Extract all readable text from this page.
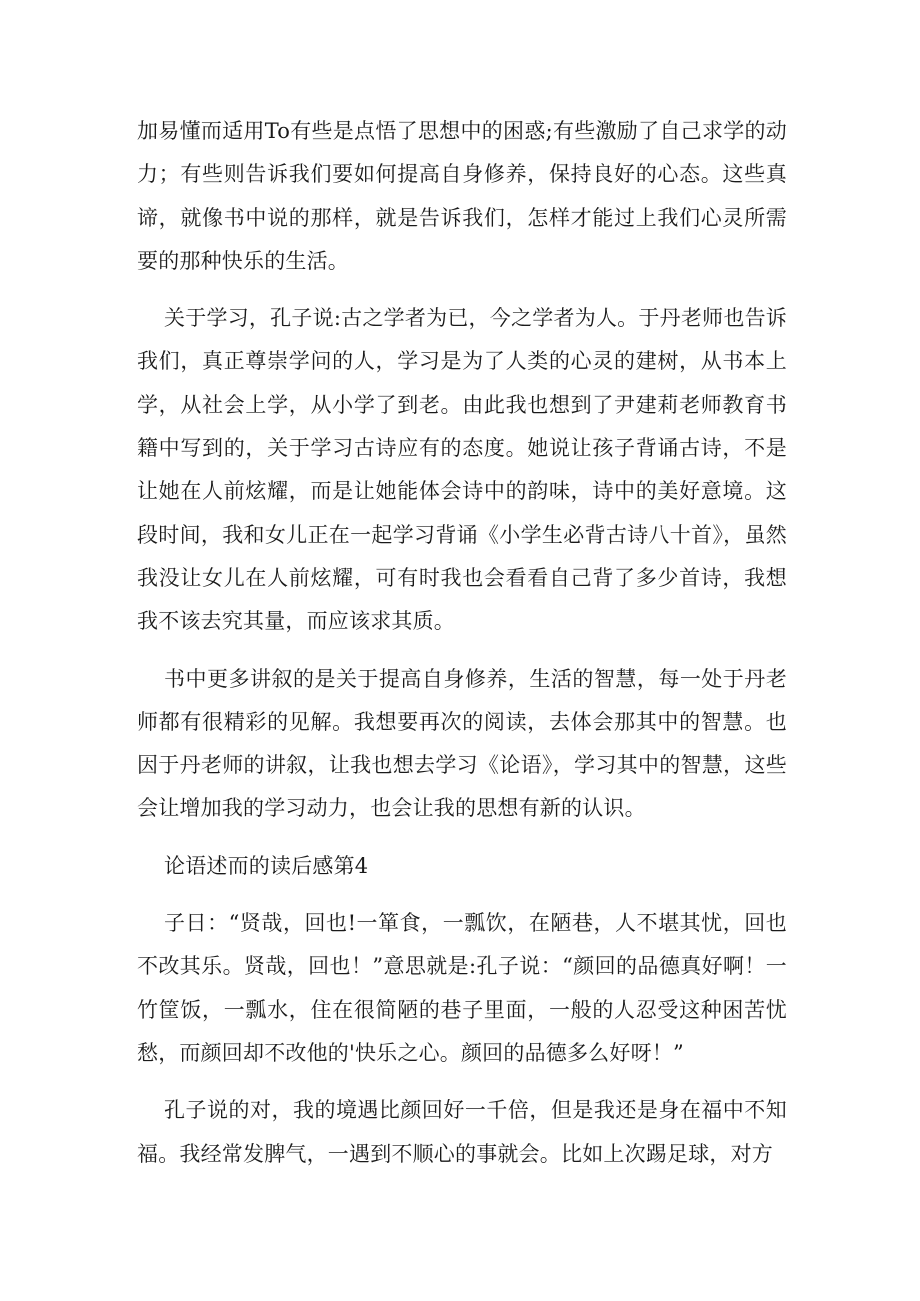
加易懂而适用To有些是点悟了思想中的困惑;有些激励了自己求学的动力；有些则告诉我们要如何提高自身修养，保持良好的心态。这些真谛，就像书中说的那样，就是告诉我们，怎样才能过上我们心灵所需要的那种快乐的生活。

关于学习，孔子说:古之学者为已，今之学者为人。于丹老师也告诉我们，真正尊崇学问的人，学习是为了人类的心灵的建树，从书本上学，从社会上学，从小学了到老。由此我也想到了尹建莉老师教育书籍中写到的，关于学习古诗应有的态度。她说让孩子背诵古诗，不是让她在人前炫耀，而是让她能体会诗中的韵味，诗中的美好意境。这段时间，我和女儿正在一起学习背诵《小学生必背古诗八十首》，虽然我没让女儿在人前炫耀，可有时我也会看看自己背了多少首诗，我想我不该去究其量，而应该求其质。

书中更多讲叙的是关于提高自身修养，生活的智慧，每一处于丹老师都有很精彩的见解。我想要再次的阅读，去体会那其中的智慧。也因于丹老师的讲叙，让我也想去学习《论语》，学习其中的智慧，这些会让增加我的学习动力，也会让我的思想有新的认识。

论语述而的读后感第4

子日：“贤哉，回也!一箪食，一瓢饮，在陋巷，人不堪其忧，回也不改其乐。贤哉，回也！”意思就是:孔子说：“颜回的品德真好啊！一竹筐饭，一瓢水，住在很简陋的巷子里面，一般的人忍受这种困苦忧愁，而颜回却不改他的'快乐之心。颜回的品德多么好呀！”

孔子说的对，我的境遇比颜回好一千倍，但是我还是身在福中不知福。我经常发脾气，一遇到不顺心的事就会。比如上次踢足球，对方
